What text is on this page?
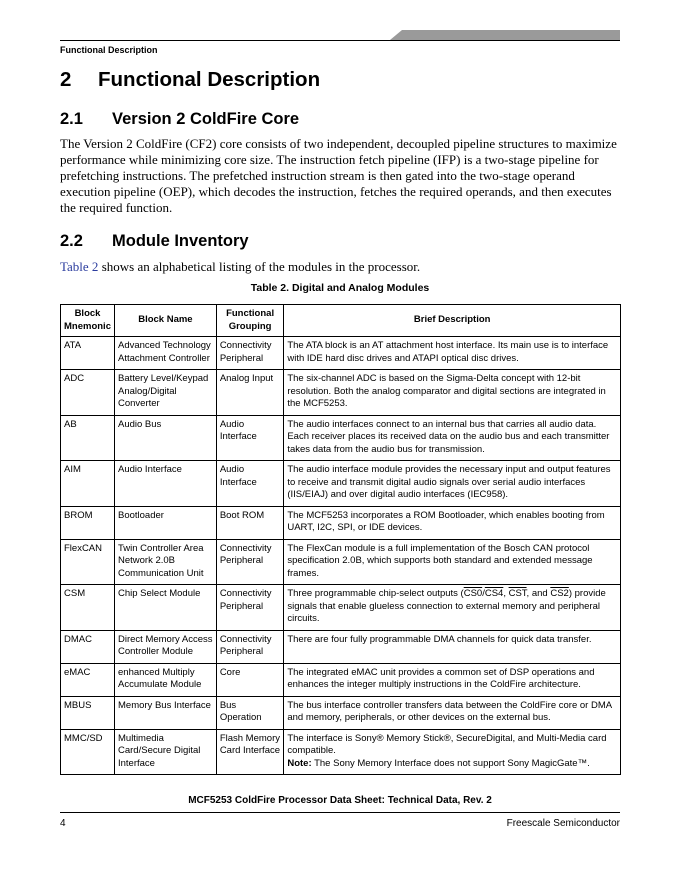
Functional Description
2 Functional Description
2.1 Version 2 ColdFire Core
The Version 2 ColdFire (CF2) core consists of two independent, decoupled pipeline structures to maximize performance while minimizing core size. The instruction fetch pipeline (IFP) is a two-stage pipeline for prefetching instructions. The prefetched instruction stream is then gated into the two-stage operand execution pipeline (OEP), which decodes the instruction, fetches the required operands, and then executes the required function.
2.2 Module Inventory
Table 2 shows an alphabetical listing of the modules in the processor.
Table 2. Digital and Analog Modules
Block Mnemonic	Block Name	Functional Grouping	Brief Description
ATA	Advanced Technology Attachment Controller	Connectivity Peripheral	The ATA block is an AT attachment host interface. Its main use is to interface with IDE hard disc drives and ATAPI optical disc drives.
ADC	Battery Level/Keypad Analog/Digital Converter	Analog Input	The six-channel ADC is based on the Sigma-Delta concept with 12-bit resolution. Both the analog comparator and digital sections are integrated in the MCF5253.
AB	Audio Bus	Audio Interface	The audio interfaces connect to an internal bus that carries all audio data. Each receiver places its received data on the audio bus and each transmitter takes data from the audio bus for transmission.
AIM	Audio Interface	Audio Interface	The audio interface module provides the necessary input and output features to receive and transmit digital audio signals over serial audio interfaces (IIS/EIAJ) and over digital audio interfaces (IEC958).
BROM	Bootloader	Boot ROM	The MCF5253 incorporates a ROM Bootloader, which enables booting from UART, I2C, SPI, or IDE devices.
FlexCAN	Twin Controller Area Network 2.0B Communication Unit	Connectivity Peripheral	The FlexCan module is a full implementation of the Bosch CAN protocol specification 2.0B, which supports both standard and extended message frames.
CSM	Chip Select Module	Connectivity Peripheral	Three programmable chip-select outputs (CS0/CS4, $\overline{CST}$, and CS2) provide signals that enable glueless connection to external memory and peripheral circuits.
DMAC	Direct Memory Access Controller Module	Connectivity Peripheral	There are four fully programmable DMA channels for quick data transfer.
eMAC	enhanced Multiply Accumulate Module	Core	The integrated eMAC unit provides a common set of DSP operations and enhances the integer multiply instructions in the ColdFire architecture.
MBUS	Memory Bus Interface	Bus Operation	The bus interface controller transfers data between the ColdFire core or DMA and memory, peripherals, or other devices on the external bus.
MMC/SD	Multimedia Card/Secure Digital Interface	Flash Memory Card Interface	The interface is Sony® Memory Stick®, SecureDigital, and Multi-Media card compatible.
Note: The Sony Memory Interface does not support Sony MagicGate™.
MCF5253 ColdFire Processor Data Sheet: Technical Data, Rev. 2
4	Freescale Semiconductor
